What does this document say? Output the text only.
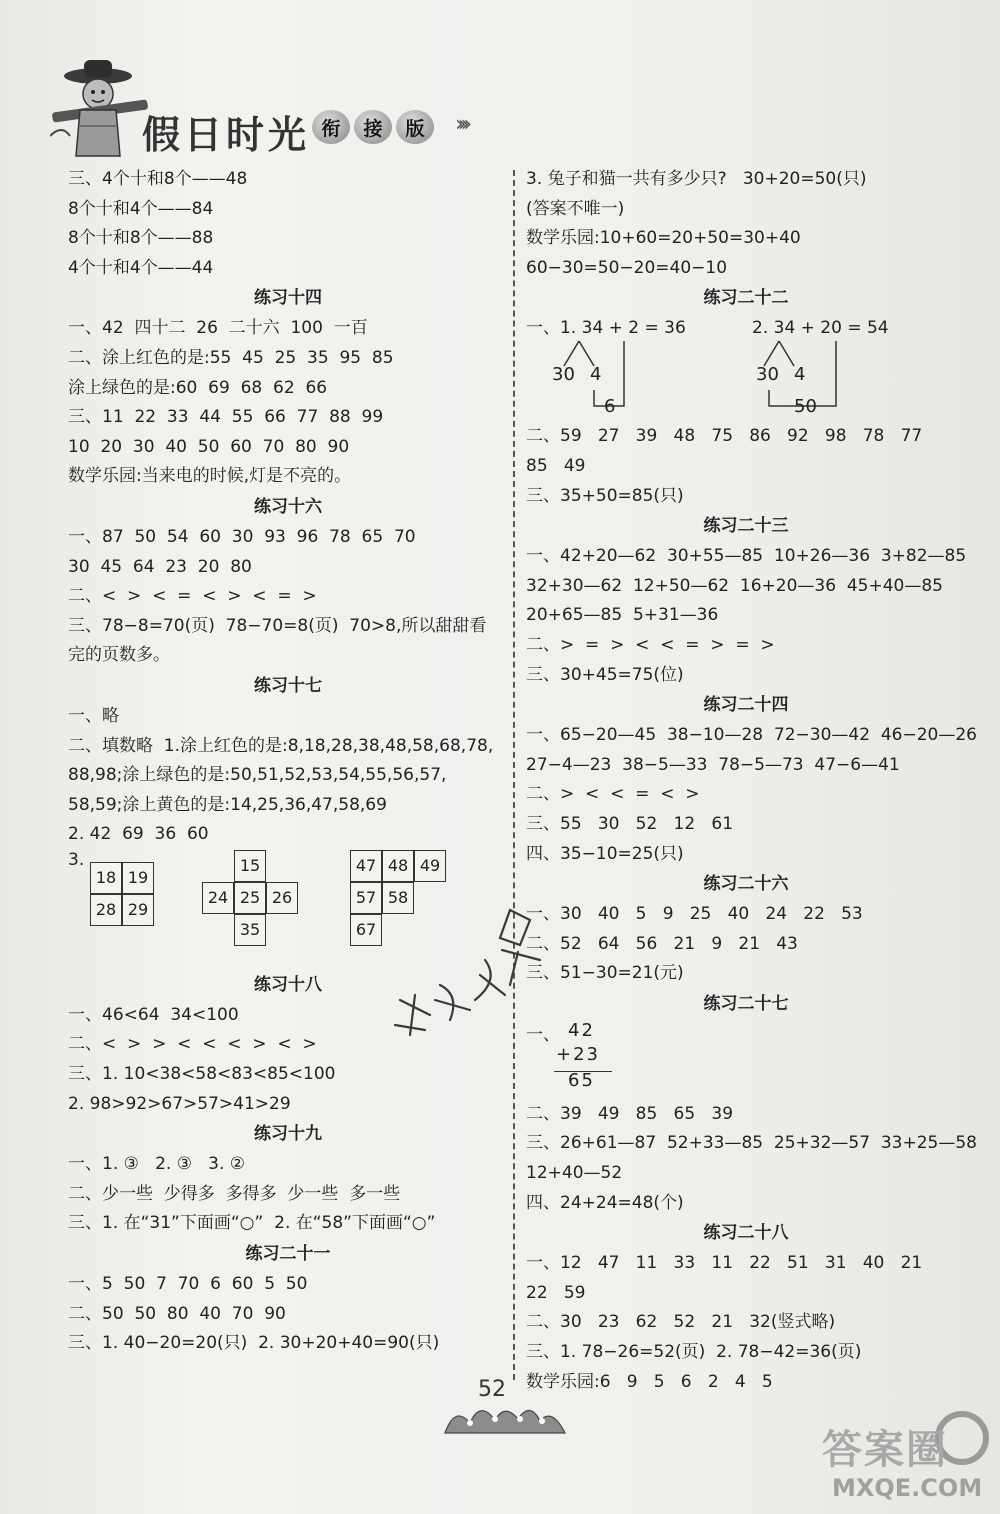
假日时光 衔	接	版	››››
三、4个十和8个——48
8个十和4个——84
8个十和8个——88
4个十和4个——44
练习十四
一、42  四十二  26  二十六  100  一百
二、涂上红色的是:55  45  25  35  95  85
涂上绿色的是:60  69  68  62  66
三、11  22  33  44  55  66  77  88  99
10  20  30  40  50  60  70  80  90
数学乐园:当来电的时候,灯是不亮的。
练习十六
一、87  50  54  60  30  93  96  78  65  70
30  45  64  23  20  80
二、<  >  <  =  <  >  <  =  >
三、78−8=70(页)  78−70=8(页)  70>8,所以甜甜看
完的页数多。
练习十七
一、略
二、填数略  1.涂上红色的是:8,18,28,38,48,58,68,78,
88,98;涂上绿色的是:50,51,52,53,54,55,56,57,
58,59;涂上黄色的是:14,25,36,47,58,69
2. 42  69  36  60
3.
18 19
28 29
15
24 25 26
35
47 48 49
57 58
67
练习十八
一、46<64  34<100
二、<  >  >  <  <  <  >  <  >
三、1. 10<38<58<83<85<100
2. 98>92>67>57>41>29
练习十九
一、1. ③   2. ③   3. ②
二、少一些  少得多  多得多  少一些  多一些
三、1. 在“31”下面画“○”  2. 在“58”下面画“○”
练习二十一
一、5  50  7  70  6  60  5  50
二、50  50  80  40  70  90
三、1. 40−20=20(只)  2. 30+20+40=90(只)
3. 兔子和猫一共有多少只?   30+20=50(只)
(答案不唯一)
数学乐园:10+60=20+50=30+40
60−30=50−20=40−10
练习二十二
一、1. 34 + 2 = 36	2. 34 + 20 = 54
30 4
6
30 4
50
二、59   27   39   48   75   86   92   98   78   77
85   49
三、35+50=85(只)
练习二十三
一、42+20—62  30+55—85  10+26—36  3+82—85
32+30—62  12+50—62  16+20—36  45+40—85
20+65—85  5+31—36
二、>  =  >  <  <  =  >  =  >
三、30+45=75(位)
练习二十四
一、65−20—45  38−10—28  72−30—42  46−20—26
27−4—23  38−5—33  78−5—73  47−6—41
二、>  <  <  =  <  >
三、55   30   52   12   61
四、35−10=25(只)
练习二十六
一、30   40   5   9   25   40   24   22   53
二、52   64   56   21   9   21   43
三、51−30=21(元)
练习二十七
一、 42
+23
65
二、39   49   85   65   39
三、26+61—87  52+33—85  25+32—57  33+25—58
12+40—52
四、24+24=48(个)
练习二十八
一、12   47   11   33   11   22   51   31   40   21
22   59
二、30   23   62   52   21   32(竖式略)
三、1. 78−26=52(页)  2. 78−42=36(页)
数学乐园:6   9   5   6   2   4   5
52
答案圈
MXQE.COM
